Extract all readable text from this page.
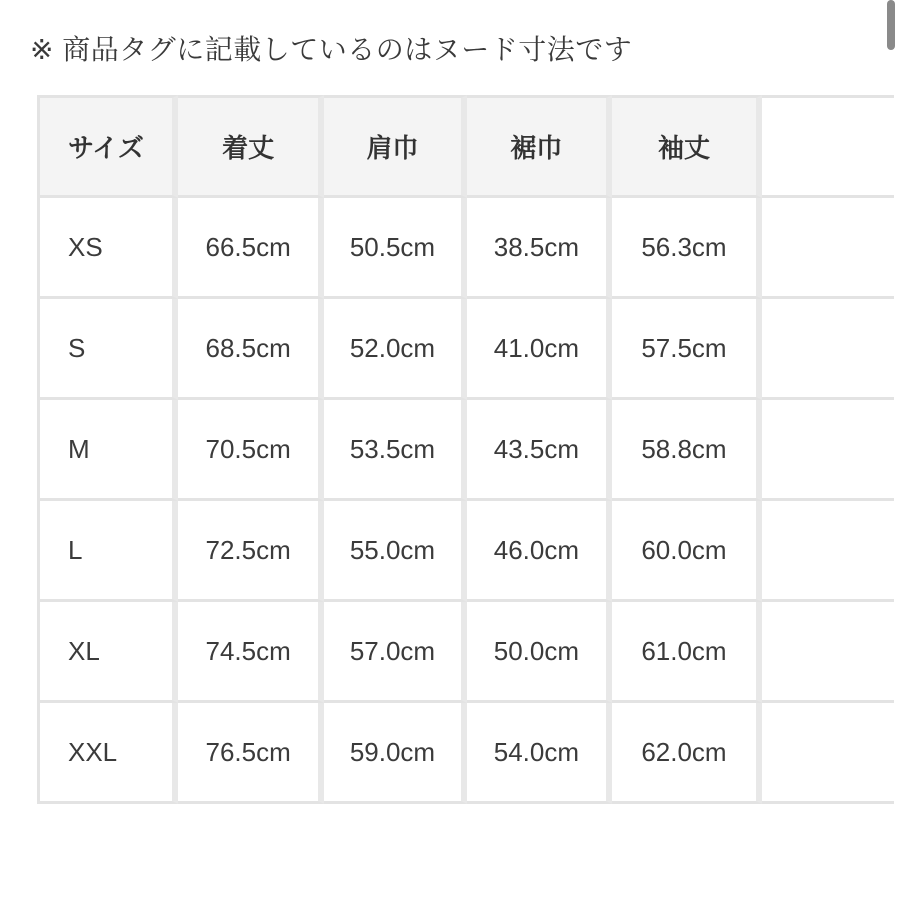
※ 商品タグに記載しているのはヌード寸法です
サイズ	着丈	肩巾	裾巾	袖丈	
XS	66.5cm	50.5cm	38.5cm	56.3cm	
S	68.5cm	52.0cm	41.0cm	57.5cm	
M	70.5cm	53.5cm	43.5cm	58.8cm	
L	72.5cm	55.0cm	46.0cm	60.0cm	
XL	74.5cm	57.0cm	50.0cm	61.0cm	
XXL	76.5cm	59.0cm	54.0cm	62.0cm	
